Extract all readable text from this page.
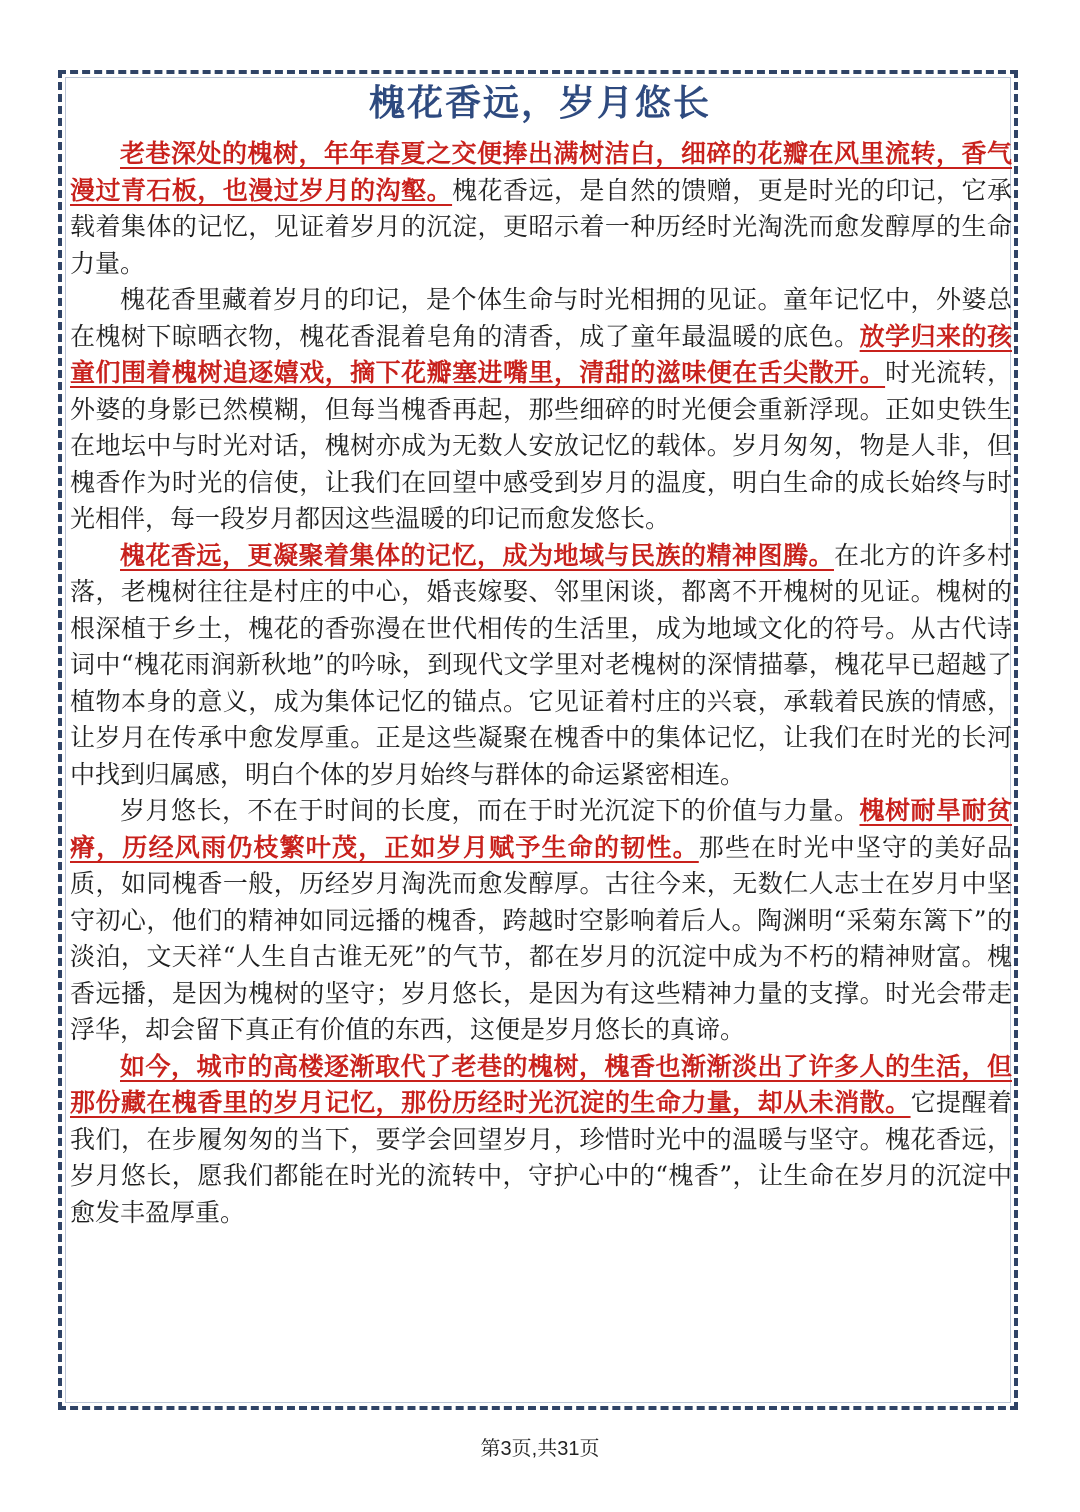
槐花香远，岁月悠长

老巷深处的槐树，年年春夏之交便捧出满树洁白，细碎的花瓣在风里流转，香气漫过青石板，也漫过岁月的沟壑。槐花香远，是自然的馈赠，更是时光的印记，它承载着集体的记忆，见证着岁月的沉淀，更昭示着一种历经时光淘洗而愈发醇厚的生命力量。

槐花香里藏着岁月的印记，是个体生命与时光相拥的见证。童年记忆中，外婆总在槐树下晾晒衣物，槐花香混着皂角的清香，成了童年最温暖的底色。放学归来的孩童们围着槐树追逐嬉戏，摘下花瓣塞进嘴里，清甜的滋味便在舌尖散开。时光流转，外婆的身影已然模糊，但每当槐香再起，那些细碎的时光便会重新浮现。正如史铁生在地坛中与时光对话，槐树亦成为无数人安放记忆的载体。岁月匆匆，物是人非，但槐香作为时光的信使，让我们在回望中感受到岁月的温度，明白生命的成长始终与时光相伴，每一段岁月都因这些温暖的印记而愈发悠长。

槐花香远，更凝聚着集体的记忆，成为地域与民族的精神图腾。在北方的许多村落，老槐树往往是村庄的中心，婚丧嫁娶、邻里闲谈，都离不开槐树的见证。槐树的根深植于乡土，槐花的香弥漫在世代相传的生活里，成为地域文化的符号。从古代诗词中“槐花雨润新秋地”的吟咏，到现代文学里对老槐树的深情描摹，槐花早已超越了植物本身的意义，成为集体记忆的锚点。它见证着村庄的兴衰，承载着民族的情感，让岁月在传承中愈发厚重。正是这些凝聚在槐香中的集体记忆，让我们在时光的长河中找到归属感，明白个体的岁月始终与群体的命运紧密相连。

岁月悠长，不在于时间的长度，而在于时光沉淀下的价值与力量。槐树耐旱耐贫瘠，历经风雨仍枝繁叶茂，正如岁月赋予生命的韧性。那些在时光中坚守的美好品质，如同槐香一般，历经岁月淘洗而愈发醇厚。古往今来，无数仁人志士在岁月中坚守初心，他们的精神如同远播的槐香，跨越时空影响着后人。陶渊明“采菊东篱下”的淡泊，文天祥“人生自古谁无死”的气节，都在岁月的沉淀中成为不朽的精神财富。槐香远播，是因为槐树的坚守；岁月悠长，是因为有这些精神力量的支撑。时光会带走浮华，却会留下真正有价值的东西，这便是岁月悠长的真谛。

如今，城市的高楼逐渐取代了老巷的槐树，槐香也渐渐淡出了许多人的生活，但那份藏在槐香里的岁月记忆，那份历经时光沉淀的生命力量，却从未消散。它提醒着我们，在步履匆匆的当下，要学会回望岁月，珍惜时光中的温暖与坚守。槐花香远，岁月悠长，愿我们都能在时光的流转中，守护心中的“槐香”，让生命在岁月的沉淀中愈发丰盈厚重。

第3页,共31页
